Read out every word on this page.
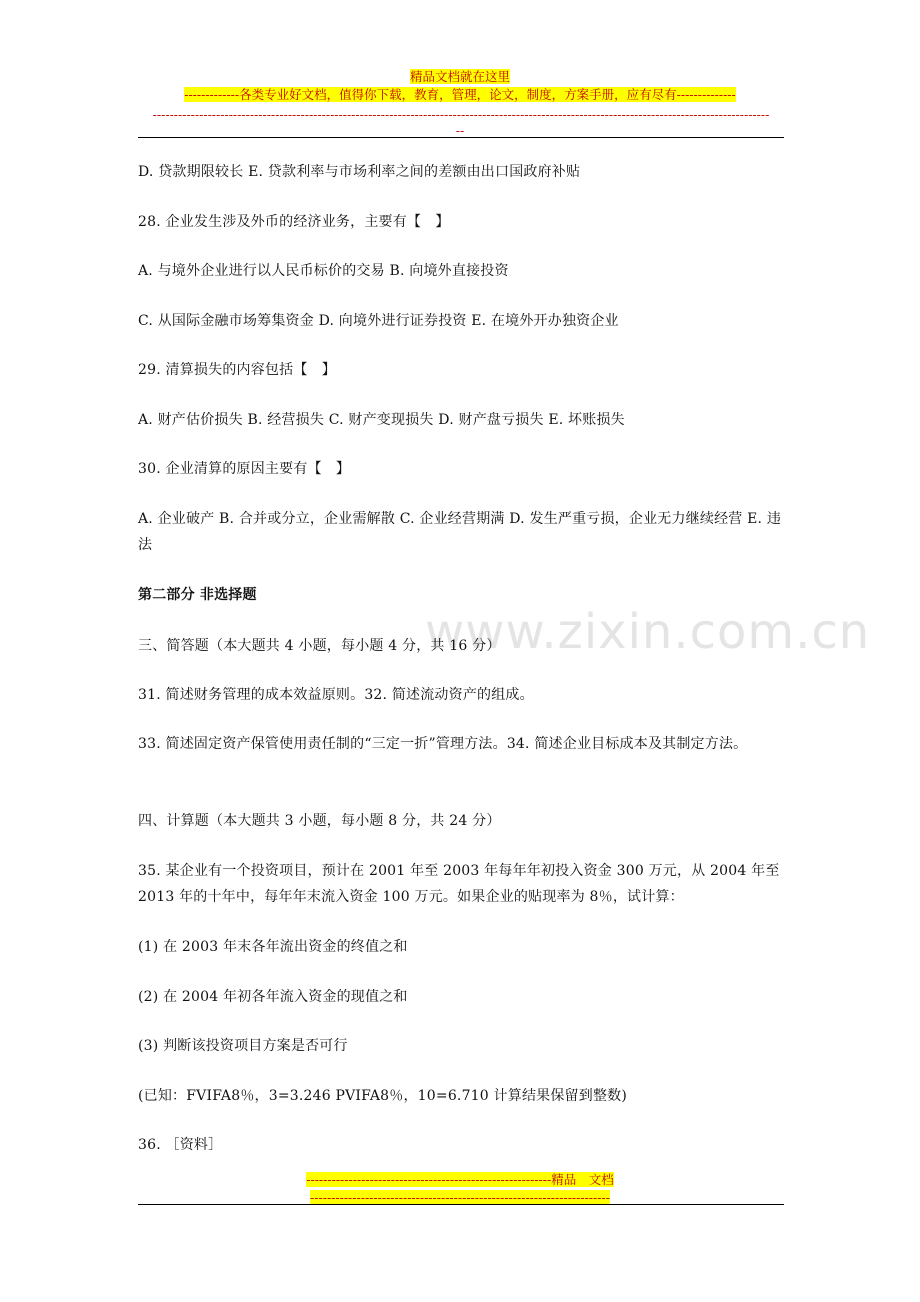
精品文档就在这里
-------------各类专业好文档，值得你下载，教育，管理，论文，制度，方案手册，应有尽有--------------
--------------------------------------------------------------------------------------------------------------------------------------------------
--
www.zixin.com.cn
D. 贷款期限较长 E. 贷款利率与市场利率之间的差额由出口国政府补贴
28. 企业发生涉及外币的经济业务，主要有【　】
A. 与境外企业进行以人民币标价的交易 B. 向境外直接投资
C. 从国际金融市场筹集资金 D. 向境外进行证券投资 E. 在境外开办独资企业
29. 清算损失的内容包括【　】
A. 财产估价损失 B. 经营损失 C. 财产变现损失 D. 财产盘亏损失 E. 坏账损失
30. 企业清算的原因主要有【　】
A. 企业破产 B. 合并或分立，企业需解散 C. 企业经营期满 D. 发生严重亏损，企业无力继续经营 E. 违法
第二部分 非选择题
三、简答题（本大题共 4 小题，每小题 4 分，共 16 分）
31. 简述财务管理的成本效益原则。32. 简述流动资产的组成。
33. 简述固定资产保管使用责任制的“三定一折”管理方法。34. 简述企业目标成本及其制定方法。
四、计算题（本大题共 3 小题，每小题 8 分，共 24 分）
35. 某企业有一个投资项目，预计在 2001 年至 2003 年每年年初投入资金 300 万元，从 2004 年至 2013 年的十年中，每年年末流入资金 100 万元。如果企业的贴现率为 8％，试计算：
(1) 在 2003 年末各年流出资金的终值之和
(2) 在 2004 年初各年流入资金的现值之和
(3) 判断该投资项目方案是否可行
(已知：FVIFA8％，3=3.246 PVIFA8％，10=6.710 计算结果保留到整数)
36. ［资料］
----------------------------------------------------------精品　文档
-----------------------------------------------------------------------
